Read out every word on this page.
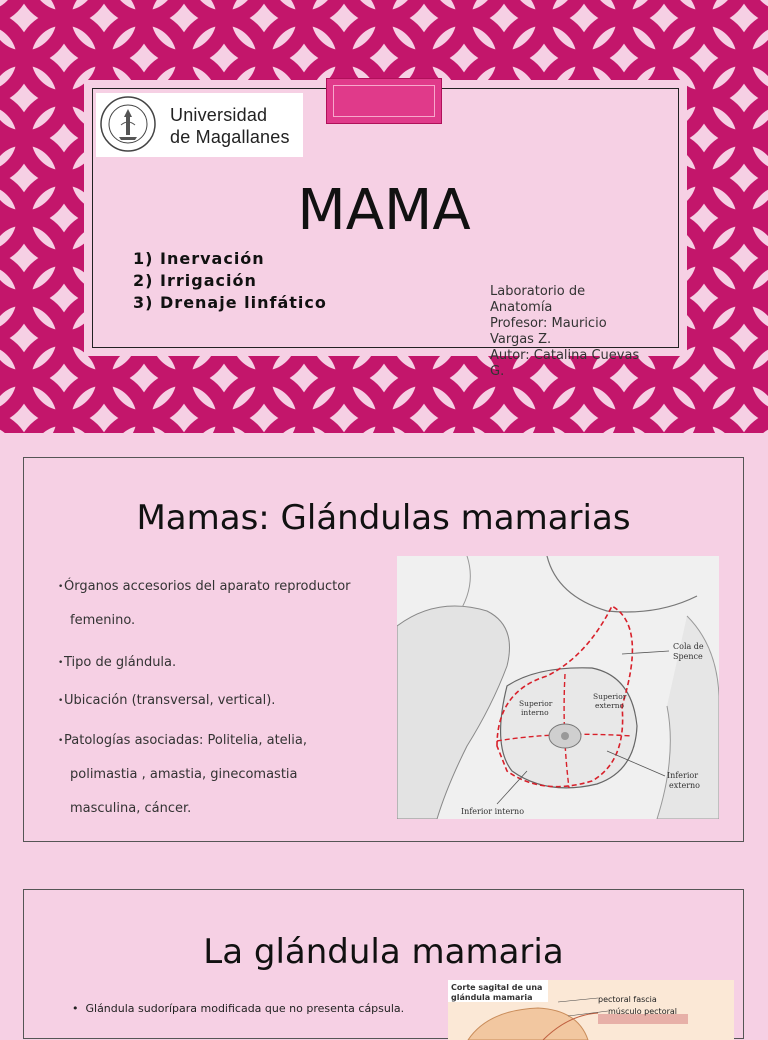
Universidad
de Magallanes
MAMA
1) Inervación
2) Irrigación
3) Drenaje linfático
Laboratorio de
Anatomía
Profesor: Mauricio
Vargas Z.
Autor: Catalina Cuevas
G.
Mamas: Glándulas mamarias
• Órganos accesorios del aparato reproductor
femenino.
• Tipo de glándula.
• Ubicación (transversal, vertical).
• Patologías asociadas: Politelia, atelia,
polimastia , amastia, ginecomastia
masculina, cáncer.
Cola de
Spence
Superior
externo
Superior
interno
Inferior
externo
Inferior interno
La glándula mamaria

•  Glándula sudorípara modificada que no presenta cápsula.

Corte sagital de una
glándula mamaria	pectoral fascia
músculo pectoral
